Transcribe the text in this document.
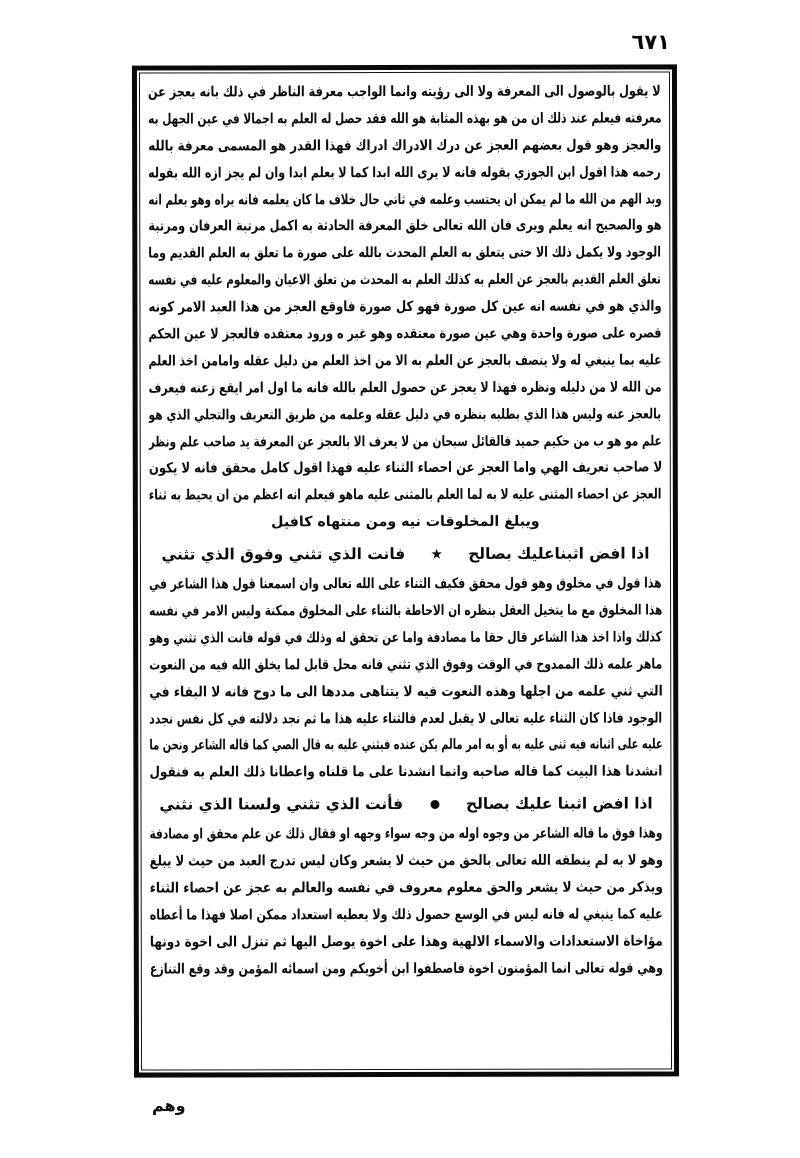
١٧٦
لا يقول بالوصول الى المعرفة ولا الى رؤيته وانما الواجب معرفة الناظر في ذلك بانه يعجز عن
معرفته فيعلم عند ذلك ان من هو بهذه المثابة هو الله فقد حصل له العلم به اجمالا في عين الجهل به
والعجز وهو قول بعضهم العجز عن درك الادراك ادراك فهذا القدر هو المسمى معرفة بالله
رحمه هذا اقول ابن الجوزي بقوله فانه لا يرى الله ابدا كما لا يعلم ابدا وان لم يجز ازه الله بقوله
وبد الهم من الله ما لم يمكن ان يحتسب وعلمه في ثاني حال خلاف ما كان يعلمه فانه يراه وهو بعلم انه
هو والصحيح انه يعلم ويرى فان الله تعالى خلق المعرفة الحادثة به اكمل مرتبة العرفان ومرتبة
الوجود ولا يكمل ذلك الا حتى يتعلق به العلم المحدث بالله على صورة ما تعلق به العلم القديم وما
تعلق العلم القديم بالعجز عن العلم به كذلك العلم به المحدث من تعلق الاعيان والمعلوم عليه في نفسه
والذي هو في نفسه انه عين كل صورة فهو كل صورة فاوقع العجز من هذا العبد الامر كونه
قصره على صورة واحدة وهي عين صورة معتقده وهو غير ه ورود معتقده فالعجز لا عين الحكم
عليه بما ينبغي له ولا ينصف بالعجز عن العلم به الا من اخذ العلم من دليل عقله وامامن اخذ العلم
من الله لا من دليله ونظره فهذا لا يعجز عن حصول العلم بالله فانه ما اول امر ايقع زعنه فيعرف
بالعجز عنه وليس هذا الذي بطلبه بنظره في دليل عقله وعلمه من طريق التعريف والتجلي الذي هو
علم مو هو ب من حكيم حميد فالقائل سبحان من لا يعرف الا بالعجز عن المعرفة يد صاحب علم ونظر
لا صاحب تعريف الهي واما العجز عن احصاء الثناء عليه فهذا اقول كامل محقق فانه لا يكون
العجز عن احصاء المثنى عليه لا به لما العلم بالمثنى عليه ماهو فيعلم انه اعظم من ان يحيط به ثناء
ويبلغ المخلوقات نيه ومن منتهاه كافيل
اذا افض اثبناعليك بصالح
فانت الذي تثني وفوق الذي تثني
هذا قول في مخلوق وهو قول محقق فكيف الثناء على الله تعالى وان اسمعنا قول هذا الشاعر في
هذا المخلوق مع ما يتخيل العقل بنظره ان الاحاطة بالثناء على المخلوق ممكنة وليس الامر في نفسه
كذلك واذا اخذ هذا الشاعر قال حقا ما مصادفة واما عن تحقق له وذلك في قوله فانت الذي تثني وهو
ماهر علمه ذلك الممدوح في الوقت وفوق الذي تثني فانه محل قابل لما يخلق الله فيه من النعوت
التي ثني علمه من اجلها وهذه النعوت فيه لا يتناهى مددها الى ما دوح فانه لا البقاء في
الوجود فاذا كان الثناء عليه تعالى لا يقبل لعدم فالثناء عليه هذا ما ثم نجد دلالته في كل نفس نجدد
عليه على اثبانه فيه ثنى عليه به أو به امر مالم يكن عنده فيثني عليه به قال الصي كما قاله الشاعر ونحن ما
انشدنا هذا البيت كما قاله صاحبه وانما انشدنا على ما قلناه واعطانا ذلك العلم به فنقول
اذا افض اثبنا عليك بصالح
فأنت الذي تثني ولسنا الذي نثني
وهذا فوق ما قاله الشاعر من وجوه اوله من وجه سواء وجهه او فقال ذلك عن علم محقق او مصادفة
وهو لا به لم ينطقه الله تعالى بالحق من حيث لا يشعر وكان ليس تدرج العبد من حيث لا يبلغ
ويذكر من حيث لا يشعر والحق معلوم معروف في نفسه والعالم به عجز عن احصاء الثناء
عليه كما ينبغي له فانه ليس في الوسع حصول ذلك ولا يعطيه استعداد ممكن اصلا فهذا ما أعطاه
مؤاخاة الاستعدادات والاسماء الالهية وهذا على اخوة يوصل اليها ثم تنزل الى اخوة دونها
وهي قوله تعالى انما المؤمنون اخوة فاصطفوا ابن أخويكم ومن اسمائه المؤمن وقد وقع التنازع
وهم
